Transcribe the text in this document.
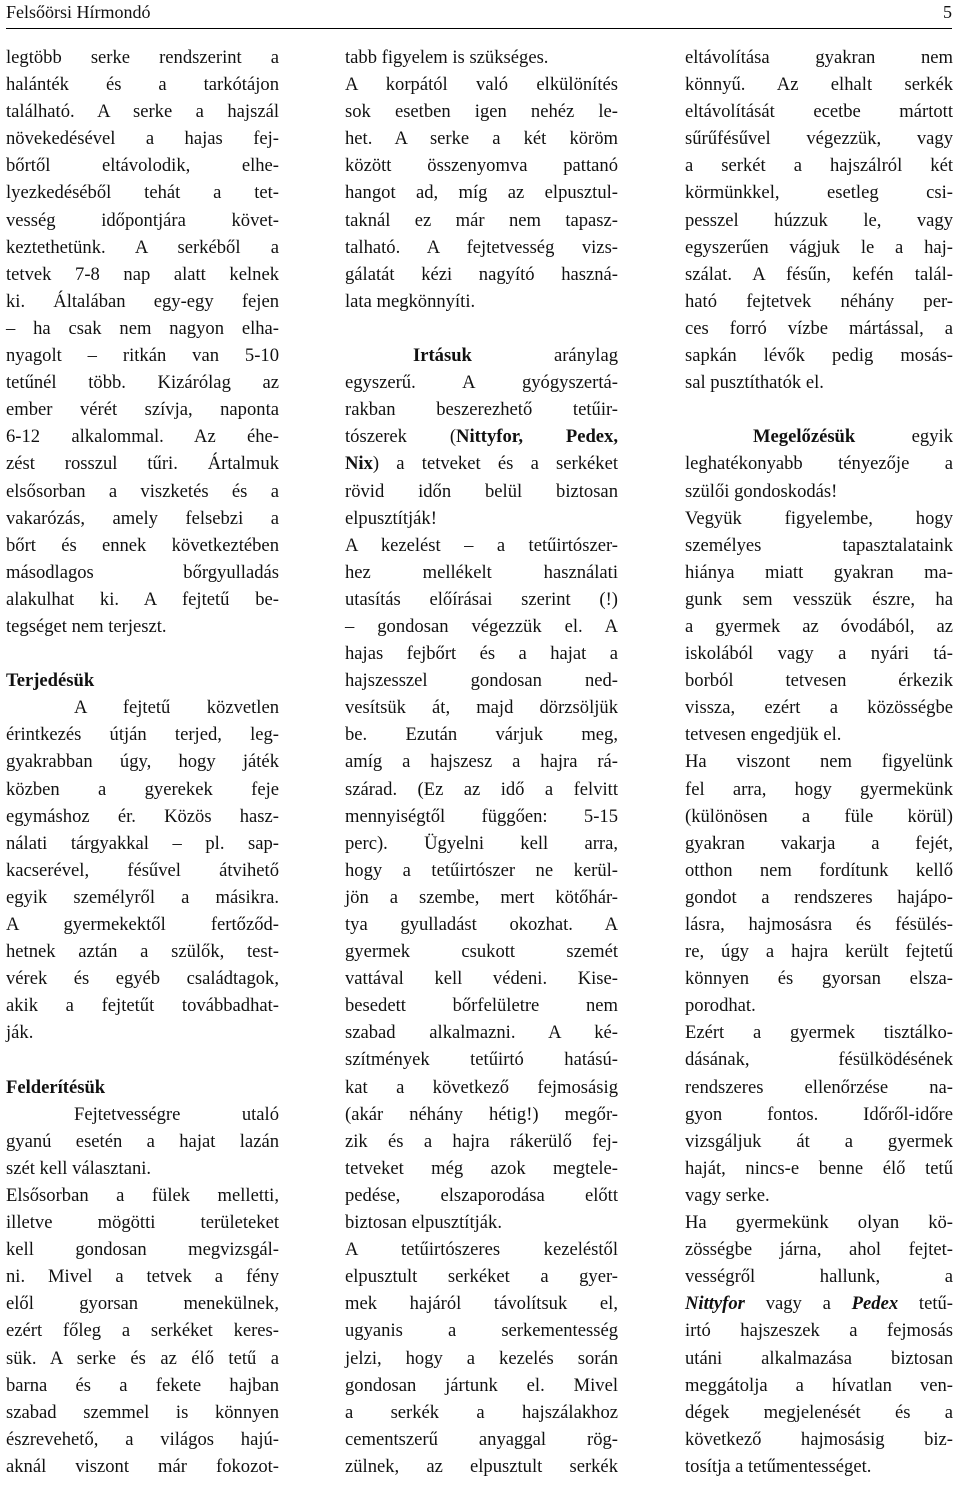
Felsőörsi Hírmondó	5
legtöbb serke rendszerint a
halánték és a tarkótájon
található. A serke a hajszál
növekedésével a hajas fej-
bőrtől eltávolodik, elhe-
lyezkedéséből tehát a tet-
vesség időpontjára követ-
keztethetünk. A serkéből a
tetvek 7-8 nap alatt kelnek
ki. Általában egy-egy fejen
– ha csak nem nagyon elha-
nyagolt – ritkán van 5-10
tetűnél több. Kizárólag az
ember vérét szívja, naponta
6-12 alkalommal. Az éhe-
zést rosszul tűri. Ártalmuk
elsősorban a viszketés és a
vakarózás, amely felsebzi a
bőrt és ennek következtében
másodlagos bőrgyulladás
alakulhat ki. A fejtetű be-
tegséget nem terjeszt.
Terjedésük
A fejtetű közvetlen
érintkezés útján terjed, leg-
gyakrabban úgy, hogy játék
közben a gyerekek feje
egymáshoz ér. Közös hasz-
nálati tárgyakkal – pl. sap-
kacserével, fésűvel átvihető
egyik személyről a másikra.
A gyermekektől fertőződ-
hetnek aztán a szülők, test-
vérek és egyéb családtagok,
akik a fejtetűt továbbadhat-
ják.
Felderítésük
Fejtetvességre utaló
gyanú esetén a hajat lazán
szét kell választani.
Elsősorban a fülek melletti,
illetve mögötti területeket
kell gondosan megvizsgál-
ni. Mivel a tetvek a fény
elől gyorsan menekülnek,
ezért főleg a serkéket keres-
sük. A serke és az élő tetű a
barna és a fekete hajban
szabad szemmel is könnyen
észrevehető, a világos hajú-
aknál viszont már fokozot-
tabb figyelem is szükséges.
A korpától való elkülönítés
sok esetben igen nehéz le-
het. A serke a két köröm
között összenyomva pattanó
hangot ad, míg az elpusztul-
taknál ez már nem tapasz-
talható. A fejtetvesség vizs-
gálatát kézi nagyító haszná-
lata megkönnyíti.
Irtásuk aránylag
egyszerű. A gyógyszertá-
rakban beszerezhető tetűir-
tószerek (Nittyfor, Pedex,
Nix) a tetveket és a serkéket
rövid időn belül biztosan
elpusztítják!
A kezelést – a tetűirtószer-
hez mellékelt használati
utasítás előírásai szerint (!)
– gondosan végezzük el. A
hajas fejbőrt és a hajat a
hajszesszel gondosan ned-
vesítsük át, majd dörzsöljük
be. Ezután várjuk meg,
amíg a hajszesz a hajra rá-
szárad. (Ez az idő a felvitt
mennyiségtől függően: 5-15
perc). Ügyelni kell arra,
hogy a tetűirtószer ne kerül-
jön a szembe, mert kötőhár-
tya gyulladást okozhat. A
gyermek csukott szemét
vattával kell védeni. Kise-
besedett bőrfelületre nem
szabad alkalmazni. A ké-
szítmények tetűirtó hatású-
kat a következő fejmosásig
(akár néhány hétig!) megőr-
zik és a hajra rákerülő fej-
tetveket még azok megtele-
pedése, elszaporodása előtt
biztosan elpusztítják.
A tetűirtószeres kezeléstől
elpusztult serkéket a gyer-
mek hajáról távolítsuk el,
ugyanis a serkementesség
jelzi, hogy a kezelés során
gondosan jártunk el. Mivel
a serkék a hajszálakhoz
cementszerű anyaggal rög-
zülnek, az elpusztult serkék
eltávolítása gyakran nem
könnyű. Az elhalt serkék
eltávolítását ecetbe mártott
sűrűfésűvel végezzük, vagy
a serkét a hajszálról két
körmünkkel, esetleg csi-
pesszel húzzuk le, vagy
egyszerűen vágjuk le a haj-
szálat. A fésűn, kefén talál-
ható fejtetvek néhány per-
ces forró vízbe mártással, a
sapkán lévők pedig mosás-
sal pusztíthatók el.
Megelőzésük egyik
leghatékonyabb tényezője a
szülői gondoskodás!
Vegyük figyelembe, hogy
személyes tapasztalataink
hiánya miatt gyakran ma-
gunk sem vesszük észre, ha
a gyermek az óvodából, az
iskolából vagy a nyári tá-
borból tetvesen érkezik
vissza, ezért a közösségbe
tetvesen engedjük el.
Ha viszont nem figyelünk
fel arra, hogy gyermekünk
(különösen a füle körül)
gyakran vakarja a fejét,
otthon nem fordítunk kellő
gondot a rendszeres hajápo-
lásra, hajmosásra és fésülés-
re, úgy a hajra került fejtetű
könnyen és gyorsan elsza-
porodhat.
Ezért a gyermek tisztálko-
dásának, fésülködésének
rendszeres ellenőrzése na-
gyon fontos. Időről-időre
vizsgáljuk át a gyermek
haját, nincs-e benne élő tetű
vagy serke.
Ha gyermekünk olyan kö-
zösségbe járna, ahol fejtet-
vességről hallunk, a
Nittyfor vagy a Pedex tetű-
irtó hajszeszek a fejmosás
utáni alkalmazása biztosan
meggátolja a hívatlan ven-
dégek megjelenését és a
következő hajmosásig biz-
tosítja a tetűmentességet.
